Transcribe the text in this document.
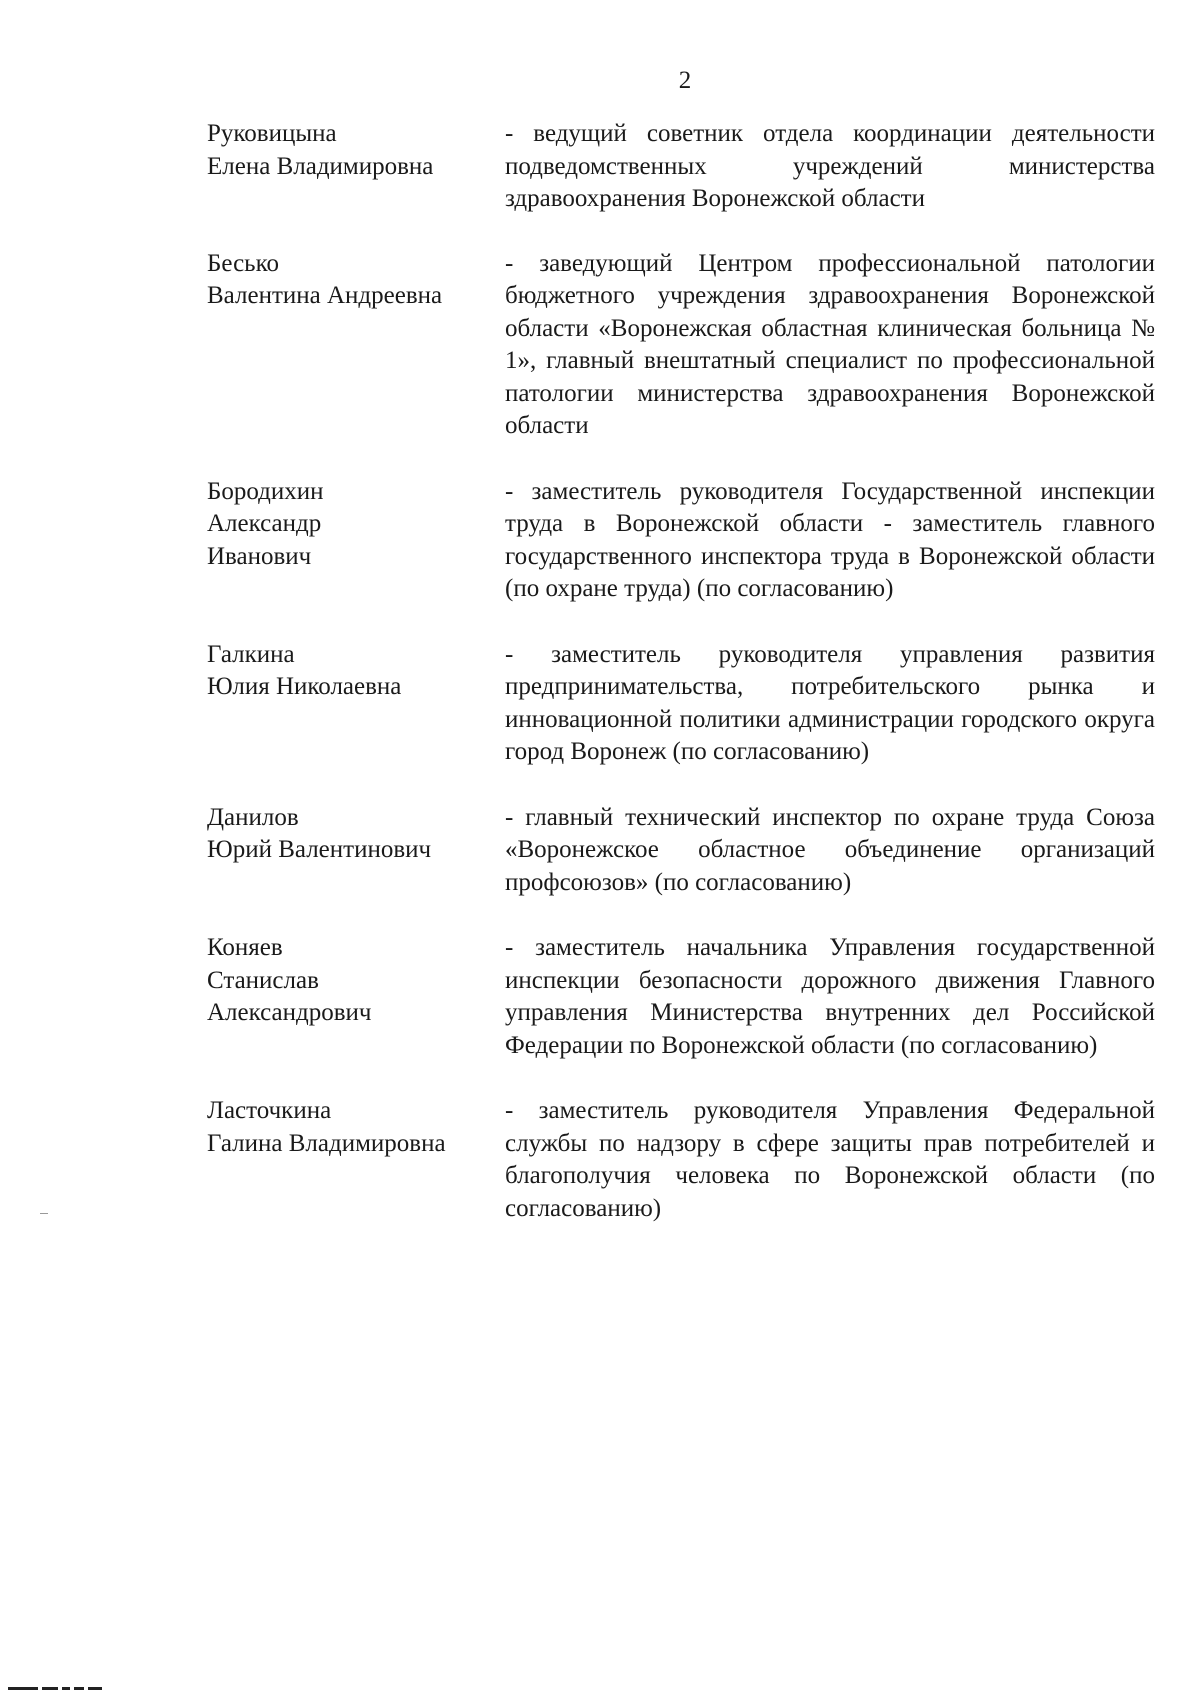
2
Руковицына
Елена Владимировна
- ведущий советник отдела координации деятельности подведомственных учреждений министерства здравоохранения Воронежской области
Бесько
Валентина Андреевна
- заведующий Центром профессиональной патологии бюджетного учреждения здравоохранения Воронежской области «Воронежская областная клиническая больница № 1», главный внештатный специалист по профессиональной патологии министерства здравоохранения Воронежской области
Бородихин
Александр
Иванович
- заместитель руководителя Государственной инспекции труда в Воронежской области - заместитель главного государственного инспектора труда в Воронежской области (по охране труда) (по согласованию)
Галкина
Юлия Николаевна
- заместитель руководителя управления развития предпринимательства, потребительского рынка и инновационной политики администрации городского округа город Воронеж (по согласованию)
Данилов
Юрий Валентинович
- главный технический инспектор по охране труда Союза «Воронежское областное объединение организаций профсоюзов» (по согласованию)
Коняев
Станислав
Александрович
- заместитель начальника Управления государственной инспекции безопасности дорожного движения Главного управления Министерства внутренних дел Российской Федерации по Воронежской области (по согласованию)
Ласточкина
Галина Владимировна
- заместитель руководителя Управления Федеральной службы по надзору в сфере защиты прав потребителей и благополучия человека по Воронежской области (по согласованию)
